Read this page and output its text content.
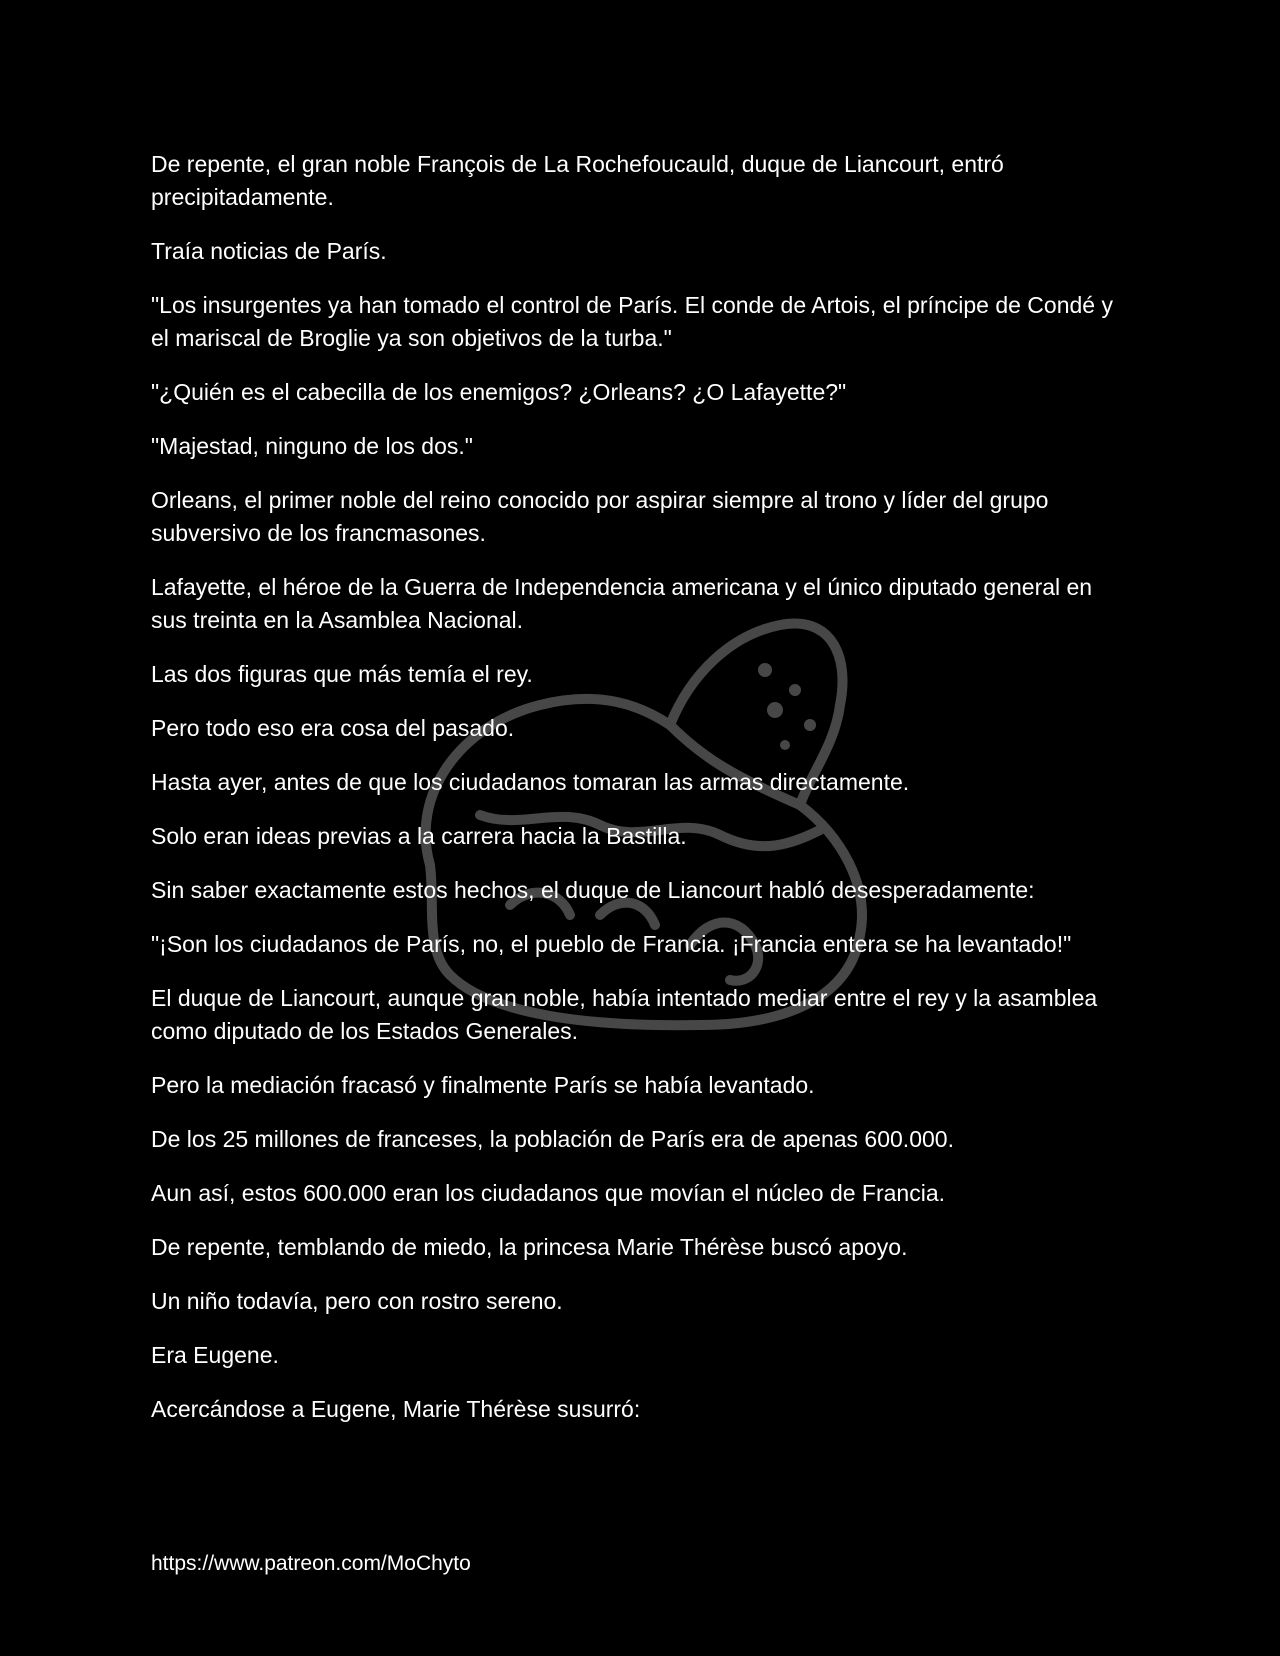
De repente, el gran noble François de La Rochefoucauld, duque de Liancourt, entró precipitadamente.

Traía noticias de París.

"Los insurgentes ya han tomado el control de París. El conde de Artois, el príncipe de Condé y el mariscal de Broglie ya son objetivos de la turba."

"¿Quién es el cabecilla de los enemigos? ¿Orleans? ¿O Lafayette?"

"Majestad, ninguno de los dos."

Orleans, el primer noble del reino conocido por aspirar siempre al trono y líder del grupo subversivo de los francmasones.

Lafayette, el héroe de la Guerra de Independencia americana y el único diputado general en sus treinta en la Asamblea Nacional.

Las dos figuras que más temía el rey.

Pero todo eso era cosa del pasado.

Hasta ayer, antes de que los ciudadanos tomaran las armas directamente.

Solo eran ideas previas a la carrera hacia la Bastilla.

Sin saber exactamente estos hechos, el duque de Liancourt habló desesperadamente:

"¡Son los ciudadanos de París, no, el pueblo de Francia. ¡Francia entera se ha levantado!"

El duque de Liancourt, aunque gran noble, había intentado mediar entre el rey y la asamblea como diputado de los Estados Generales.

Pero la mediación fracasó y finalmente París se había levantado.

De los 25 millones de franceses, la población de París era de apenas 600.000.

Aun así, estos 600.000 eran los ciudadanos que movían el núcleo de Francia.

De repente, temblando de miedo, la princesa Marie Thérèse buscó apoyo.

Un niño todavía, pero con rostro sereno.

Era Eugene.

Acercándose a Eugene, Marie Thérèse susurró:

https://www.patreon.com/MoChyto
